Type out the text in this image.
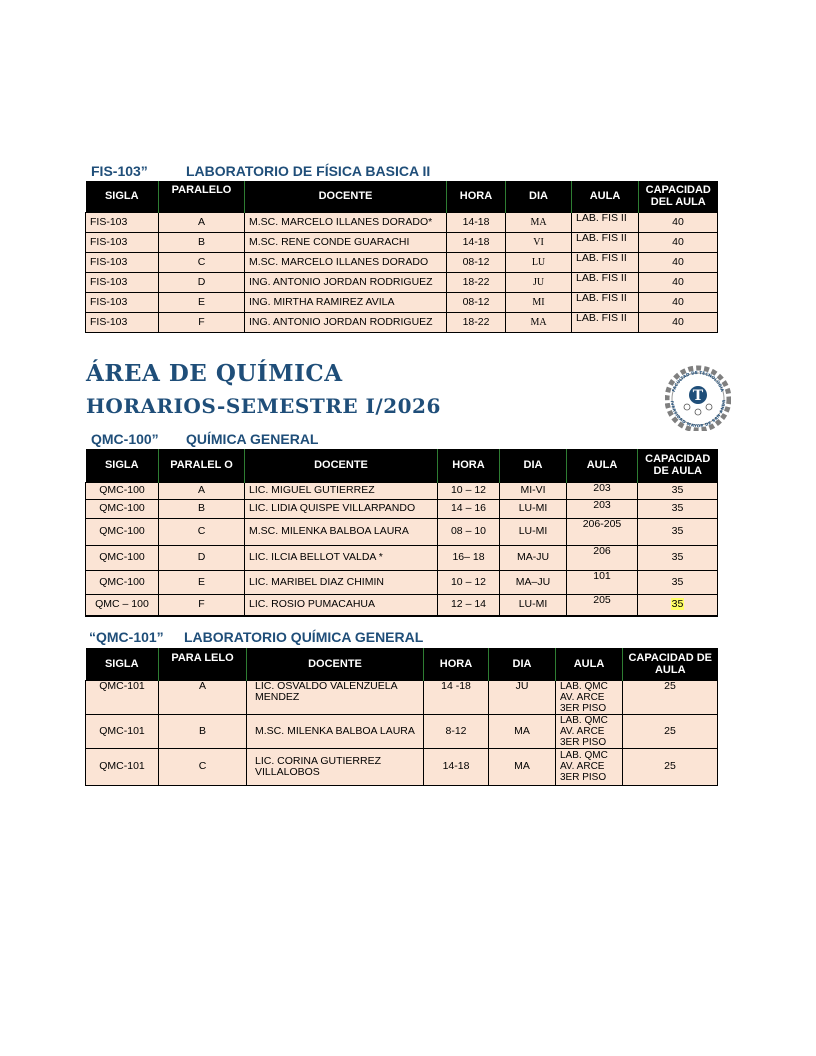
FIS-103”	LABORATORIO DE FÍSICA BASICA II
SIGLA	PARALELO	DOCENTE	HORA	DIA	AULA	CAPACIDAD DEL AULA
FIS-103	A	M.SC. MARCELO ILLANES DORADO*	14-18	MA	LAB. FIS II	40
FIS-103	B	M.SC. RENE CONDE GUARACHI	14-18	VI	LAB. FIS II	40
FIS-103	C	M.SC. MARCELO ILLANES DORADO	08-12	LU	LAB. FIS II	40
FIS-103	D	ING. ANTONIO JORDAN RODRIGUEZ	18-22	JU	LAB. FIS II	40
FIS-103	E	ING. MIRTHA RAMIREZ AVILA	08-12	MI	LAB. FIS II	40
FIS-103	F	ING. ANTONIO JORDAN RODRIGUEZ	18-22	MA	LAB. FIS II	40
ÁREA DE QUÍMICA
HORARIOS-SEMESTRE I/2026
FACULTAD DE TECNOLOGIA
IVERSIDAD MAYOR DE SAN ANDR
T
QMC-100” QUÍMICA GENERAL
SIGLA	PARALEL O	DOCENTE	HORA	DIA	AULA	CAPACIDAD DE AULA
QMC-100	A	LIC. MIGUEL GUTIERREZ	10 – 12	MI-VI	203	35
QMC-100	B	LIC. LIDIA QUISPE VILLARPANDO	14 – 16	LU-MI	203	35
QMC-100	C	M.SC. MILENKA BALBOA LAURA	08 – 10	LU-MI	206-205	35
QMC-100	D	LIC. ILCIA BELLOT VALDA *	16– 18	MA-JU	206	35
QMC-100	E	LIC. MARIBEL DIAZ CHIMIN	10 – 12	MA–JU	101	35
QMC – 100	F	LIC. ROSIO PUMACAHUA	12 – 14	LU-MI	205	35
“QMC-101” LABORATORIO QUÍMICA GENERAL
SIGLA	PARA LELO	DOCENTE	HORA	DIA	AULA	CAPACIDAD DE AULA
QMC-101	A	LIC. OSVALDO VALENZUELA MENDEZ	14 -18	JU	LAB. QMC AV. ARCE 3ER PISO	25
QMC-101	B	M.SC. MILENKA BALBOA LAURA	8-12	MA	LAB. QMC AV. ARCE 3ER PISO	25
QMC-101	C	LIC. CORINA GUTIERREZ VILLALOBOS	14-18	MA	LAB. QMC AV. ARCE 3ER PISO	25
